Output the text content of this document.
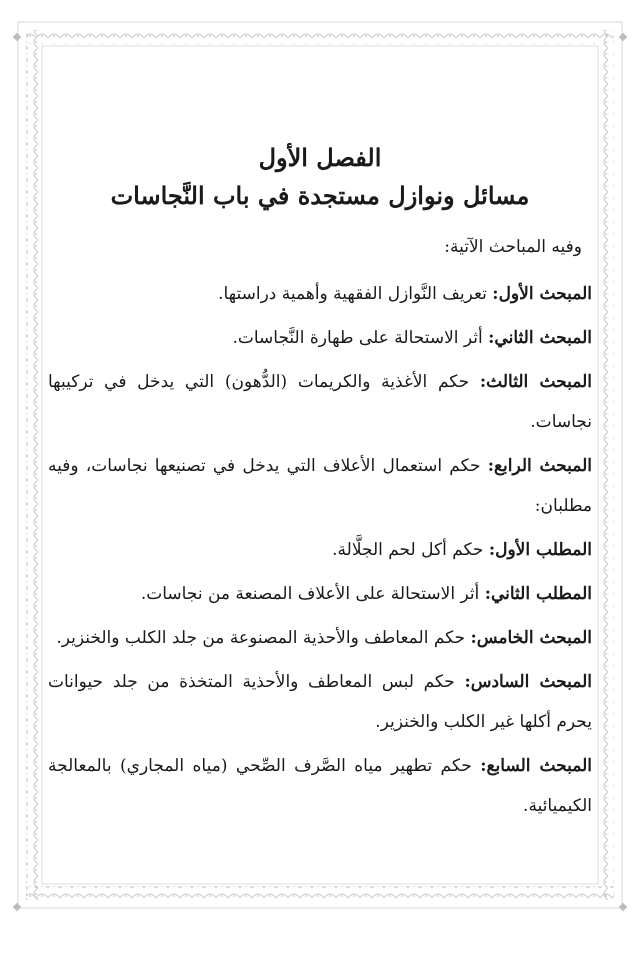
الفصل الأول
مسائل ونوازل مستجدة في باب النَّجاسات

وفيه المباحث الآتية:

المبحث الأول: تعريف النَّوازل الفقهية وأهمية دراستها.

المبحث الثاني: أثر الاستحالة على طهارة النَّجاسات.

المبحث الثالث: حكم الأغذية والكريمات (الدُّهون) التي يدخل في تركيبها نجاسات.

المبحث الرابع: حكم استعمال الأعلاف التي يدخل في تصنيعها نجاسات، وفيه مطلبان:

المطلب الأول: حكم أكل لحم الجلَّالة.

المطلب الثاني: أثر الاستحالة على الأعلاف المصنعة من نجاسات.

المبحث الخامس: حكم المعاطف والأحذية المصنوعة من جلد الكلب والخنزير.

المبحث السادس: حكم لبس المعاطف والأحذية المتخذة من جلد حيوانات يحرم أكلها غير الكلب والخنزير.

المبحث السابع: حكم تطهير مياه الصَّرف الصِّحي (مياه المجاري) بالمعالجة الكيميائية.
